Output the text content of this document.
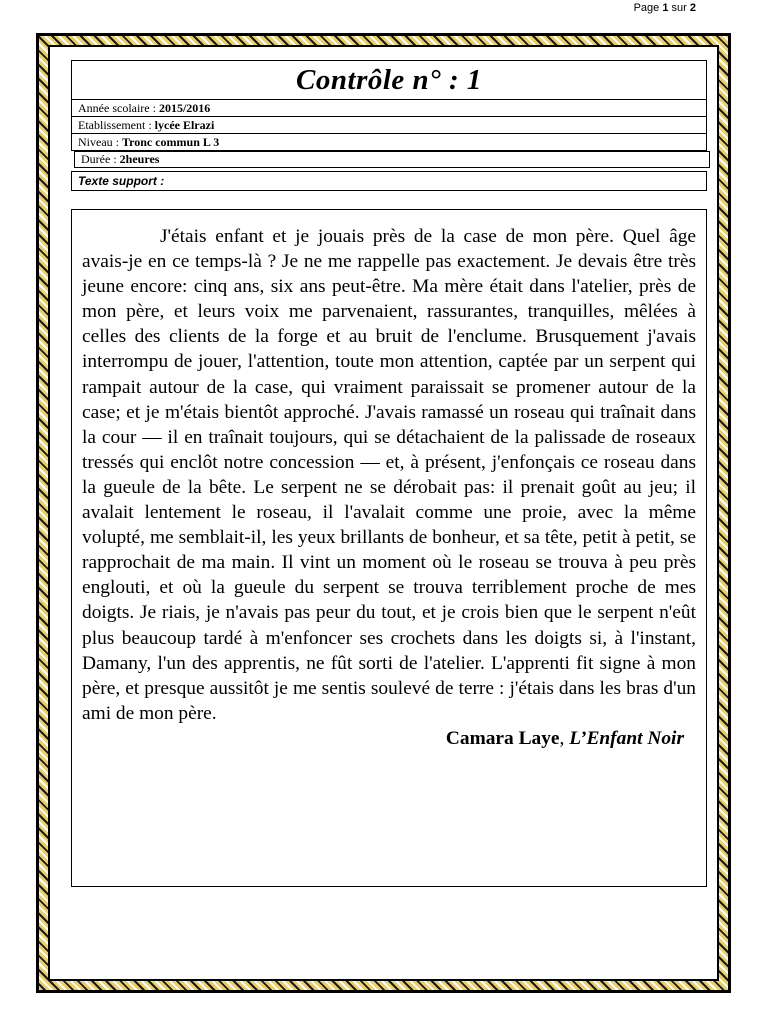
Page 1 sur 2
Contrôle n° : 1
Année scolaire : 2015/2016
Etablissement : lycée Elrazi
Niveau : Tronc commun L 3
Durée : 2heures
Texte support :

J'étais enfant et je jouais près de la case de mon père. Quel âge avais-je en ce temps-là ? Je ne me rappelle pas exactement. Je devais être très jeune encore: cinq ans, six ans peut-être. Ma mère était dans l'atelier, près de mon père, et leurs voix me parvenaient, rassurantes, tranquilles, mêlées à celles des clients de la forge et au bruit de l'enclume. Brusquement j'avais interrompu de jouer, l'attention, toute mon attention, captée par un serpent qui rampait autour de la case, qui vraiment paraissait se promener autour de la case; et je m'étais bientôt approché. J'avais ramassé un roseau qui traînait dans la cour — il en traînait toujours, qui se détachaient de la palissade de roseaux tressés qui enclôt notre concession — et, à présent, j'enfonçais ce roseau dans la gueule de la bête. Le serpent ne se dérobait pas: il prenait goût au jeu; il avalait lentement le roseau, il l'avalait comme une proie, avec la même volupté, me semblait-il, les yeux brillants de bonheur, et sa tête, petit à petit, se rapprochait de ma main. Il vint un moment où le roseau se trouva à peu près englouti, et où la gueule du serpent se trouva terriblement proche de mes doigts. Je riais, je n'avais pas peur du tout, et je crois bien que le serpent n'eût plus beaucoup tardé à m'enfoncer ses crochets dans les doigts si, à l'instant, Damany, l'un des apprentis, ne fût sorti de l'atelier. L'apprenti fit signe à mon père, et presque aussitôt je me sentis soulevé de terre : j'étais dans les bras d'un ami de mon père.

Camara Laye, L’Enfant Noir
